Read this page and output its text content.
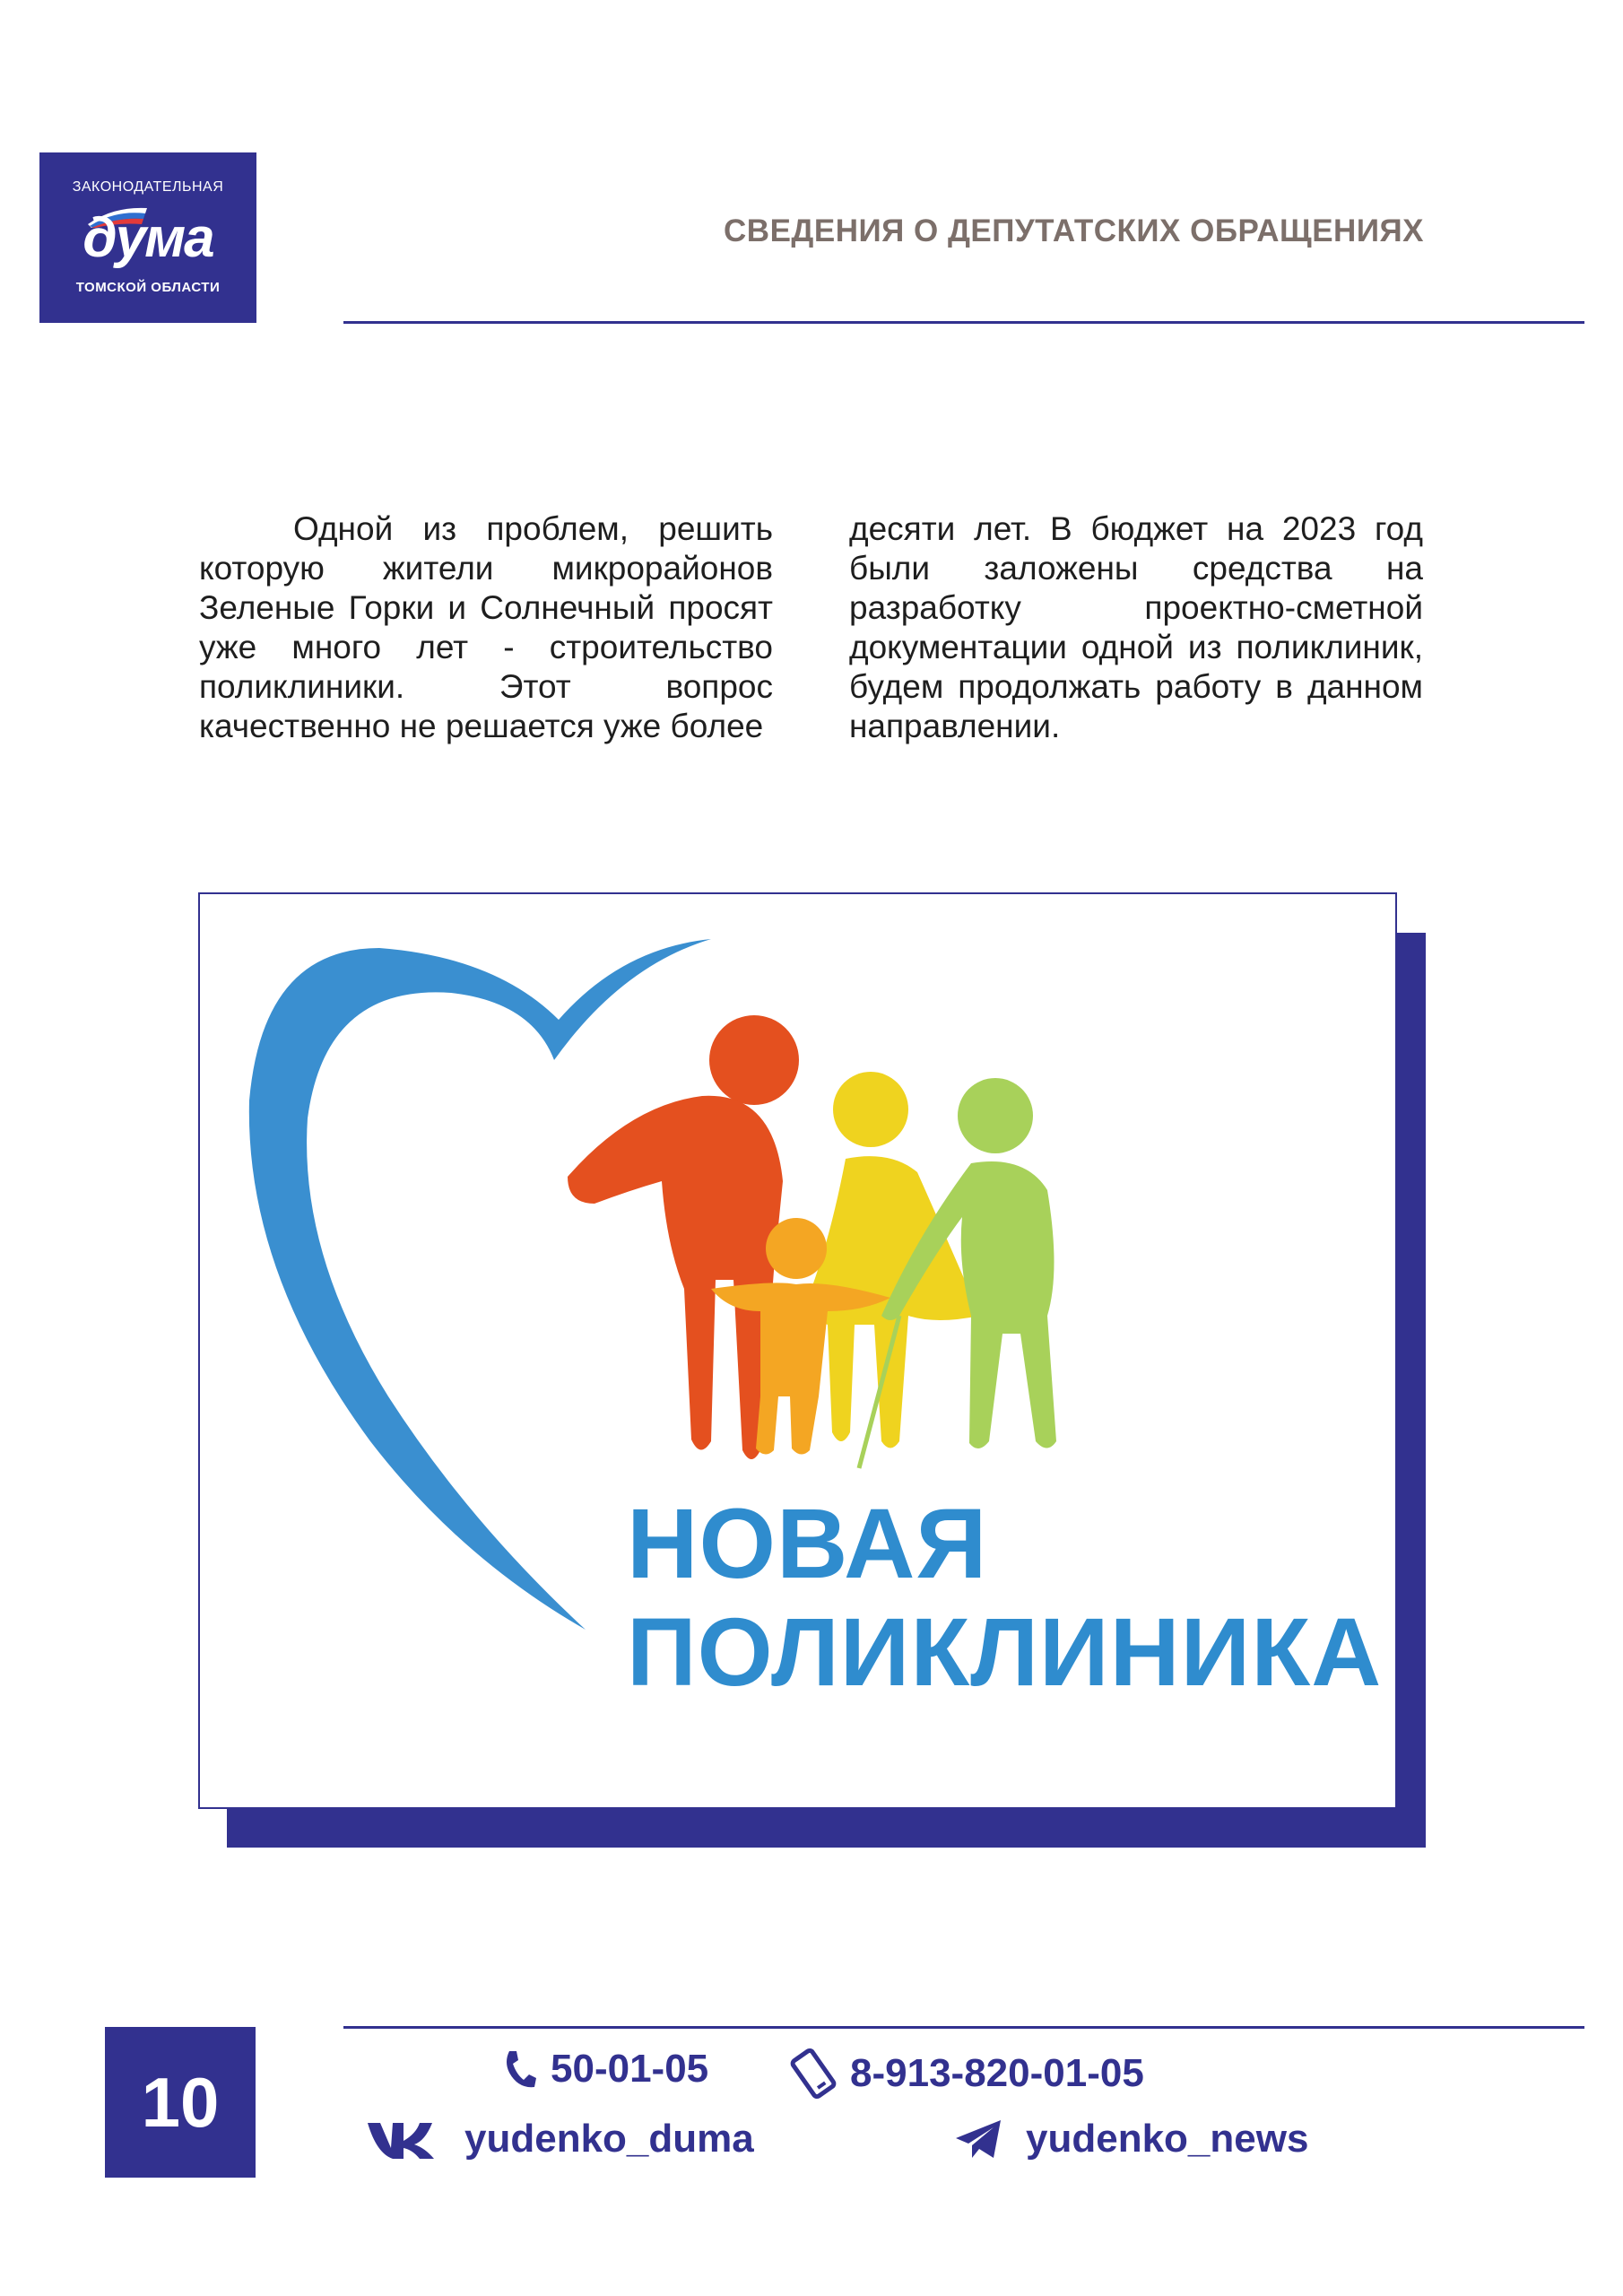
ЗАКОНОДАТЕЛЬНАЯ
дума
ТОМСКОЙ ОБЛАСТИ
СВЕДЕНИЯ О ДЕПУТАТСКИХ ОБРАЩЕНИЯХ

Одной из проблем, решить которую жители микрорайонов Зеленые Горки и Солнечный просят уже много лет - строительство поликлиники. Этот вопрос качественно не решается уже более

десяти лет. В бюджет на 2023 год были заложены средства на разработку проектно-сметной документации одной из поликлиник, будем продолжать работу в данном направлении.

НОВАЯ
ПОЛИКЛИНИКА
10	50-01-05	8-913-820-01-05
yudenko_duma	yudenko_news
